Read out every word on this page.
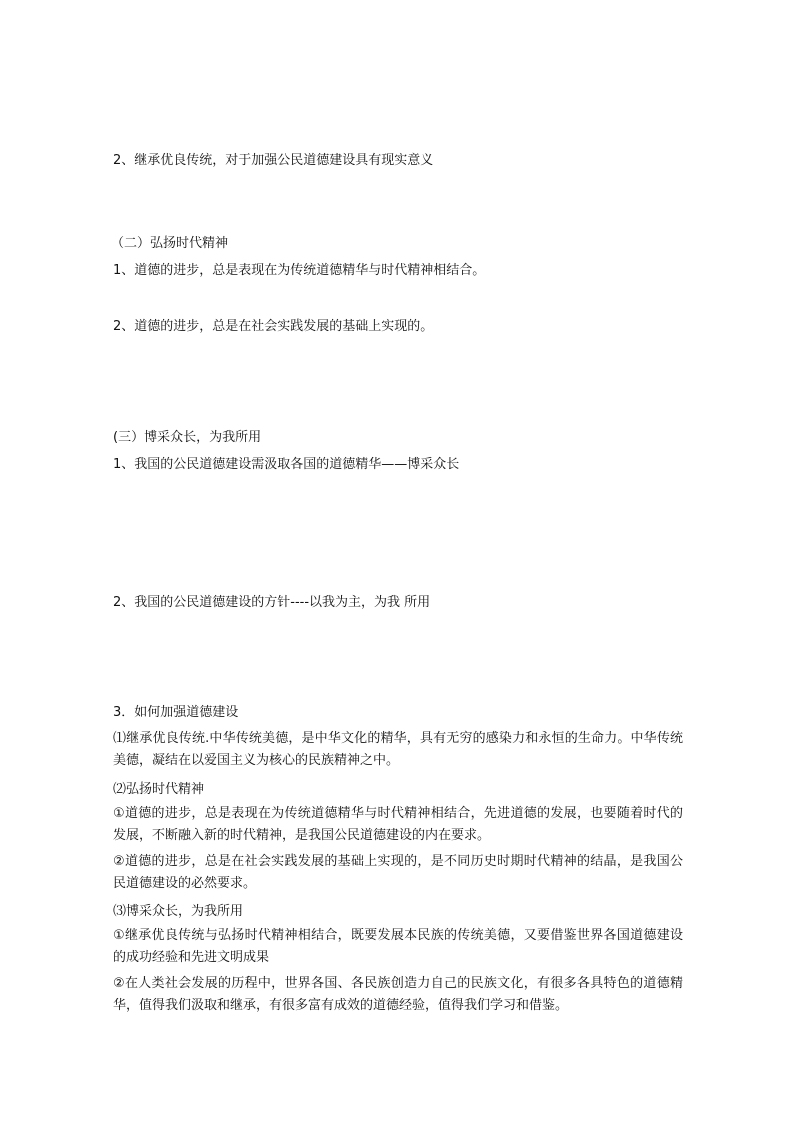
2、继承优良传统，对于加强公民道德建设具有现实意义

（二）弘扬时代精神

1、道德的进步，总是表现在为传统道德精华与时代精神相结合。

2、道德的进步，总是在社会实践发展的基础上实现的。

(三）博采众长，为我所用

1、我国的公民道德建设需汲取各国的道德精华——博采众长

2、我国的公民道德建设的方针----以我为主，为我 所用

3．如何加强道德建设

⑴继承优良传统.中华传统美德，是中华文化的精华，具有无穷的感染力和永恒的生命力。中华传统美德，凝结在以爱国主义为核心的民族精神之中。

⑵弘扬时代精神

①道德的进步，总是表现在为传统道德精华与时代精神相结合，先进道德的发展，也要随着时代的发展，不断融入新的时代精神，是我国公民道德建设的内在要求。

②道德的进步，总是在社会实践发展的基础上实现的，是不同历史时期时代精神的结晶，是我国公民道德建设的必然要求。

⑶博采众长，为我所用

①继承优良传统与弘扬时代精神相结合，既要发展本民族的传统美德，又要借鉴世界各国道德建设的成功经验和先进文明成果

②在人类社会发展的历程中，世界各国、各民族创造力自己的民族文化，有很多各具特色的道德精华，值得我们汲取和继承，有很多富有成效的道德经验，值得我们学习和借鉴。
